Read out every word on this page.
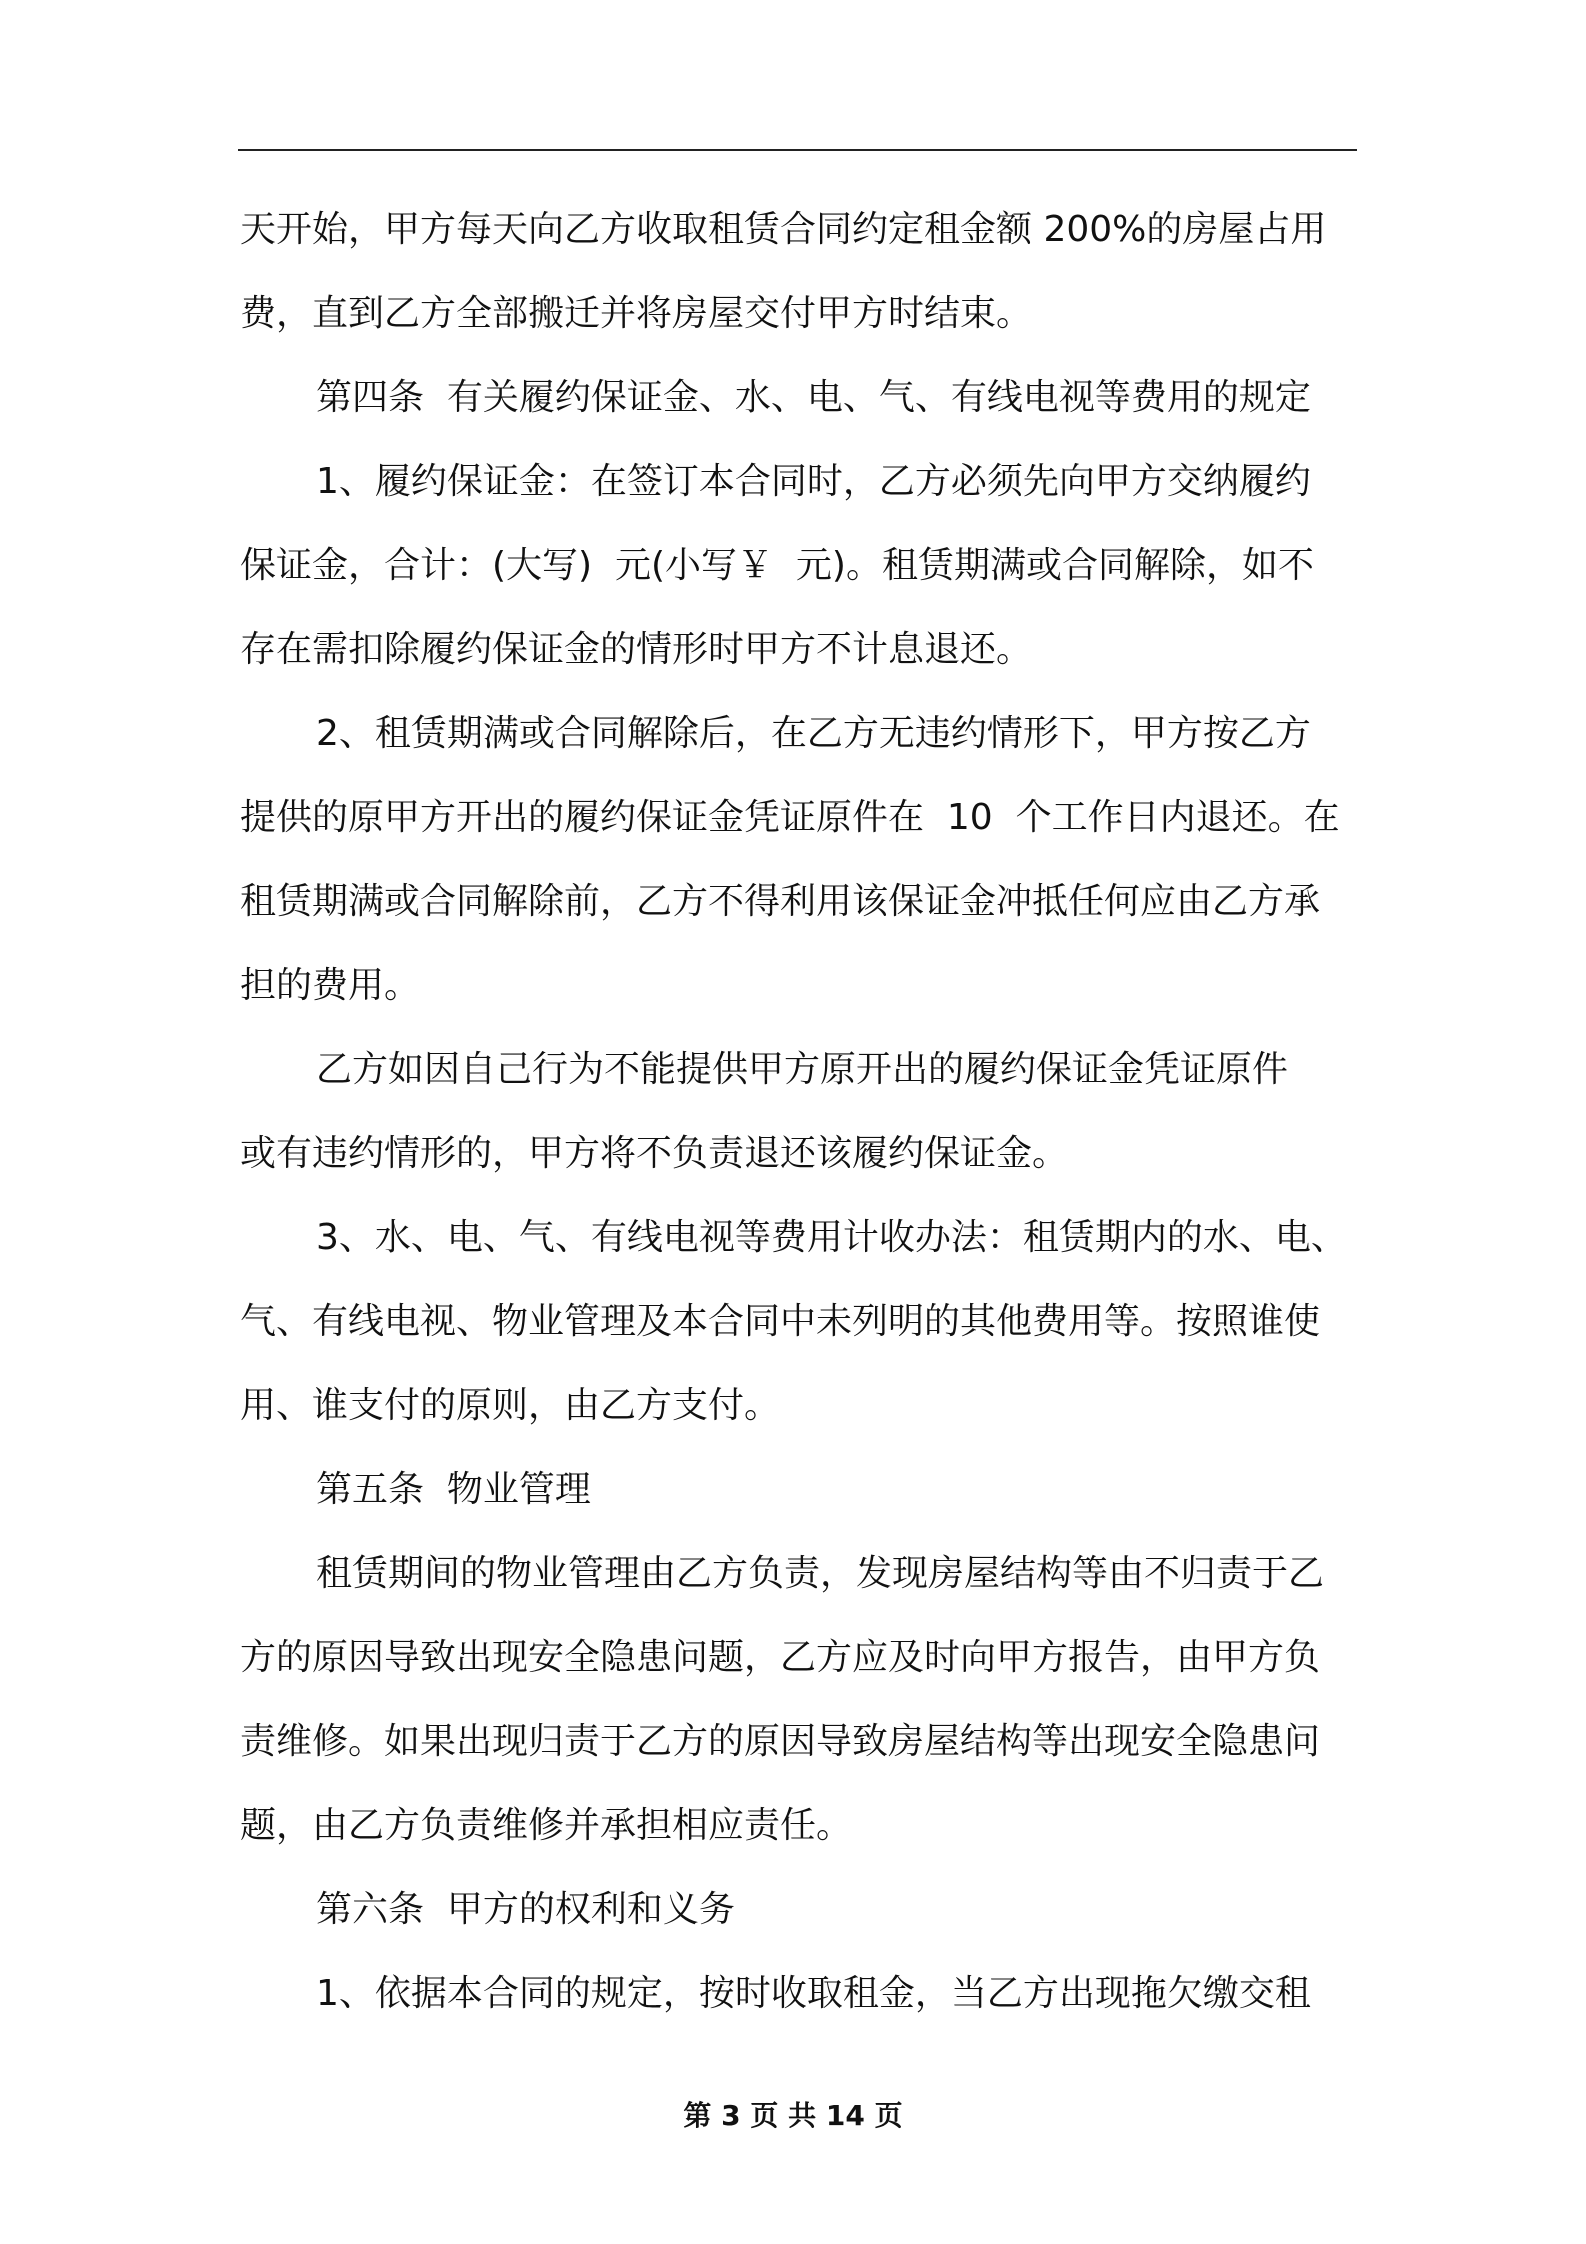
天开始，甲方每天向乙方收取租赁合同约定租金额 200%的房屋占用
费，直到乙方全部搬迁并将房屋交付甲方时结束。
第四条  有关履约保证金、水、电、气、有线电视等费用的规定
1、履约保证金：在签订本合同时，乙方必须先向甲方交纳履约
保证金，合计：(大写)  元(小写￥  元)。租赁期满或合同解除，如不
存在需扣除履约保证金的情形时甲方不计息退还。
2、租赁期满或合同解除后，在乙方无违约情形下，甲方按乙方
提供的原甲方开出的履约保证金凭证原件在  10  个工作日内退还。在
租赁期满或合同解除前，乙方不得利用该保证金冲抵任何应由乙方承
担的费用。
乙方如因自己行为不能提供甲方原开出的履约保证金凭证原件
或有违约情形的，甲方将不负责退还该履约保证金。
3、水、电、气、有线电视等费用计收办法：租赁期内的水、电、
气、有线电视、物业管理及本合同中未列明的其他费用等。按照谁使
用、谁支付的原则，由乙方支付。
第五条  物业管理
租赁期间的物业管理由乙方负责，发现房屋结构等由不归责于乙
方的原因导致出现安全隐患问题，乙方应及时向甲方报告，由甲方负
责维修。如果出现归责于乙方的原因导致房屋结构等出现安全隐患问
题，由乙方负责维修并承担相应责任。
第六条  甲方的权利和义务
1、依据本合同的规定，按时收取租金，当乙方出现拖欠缴交租
第 3 页 共 14 页
